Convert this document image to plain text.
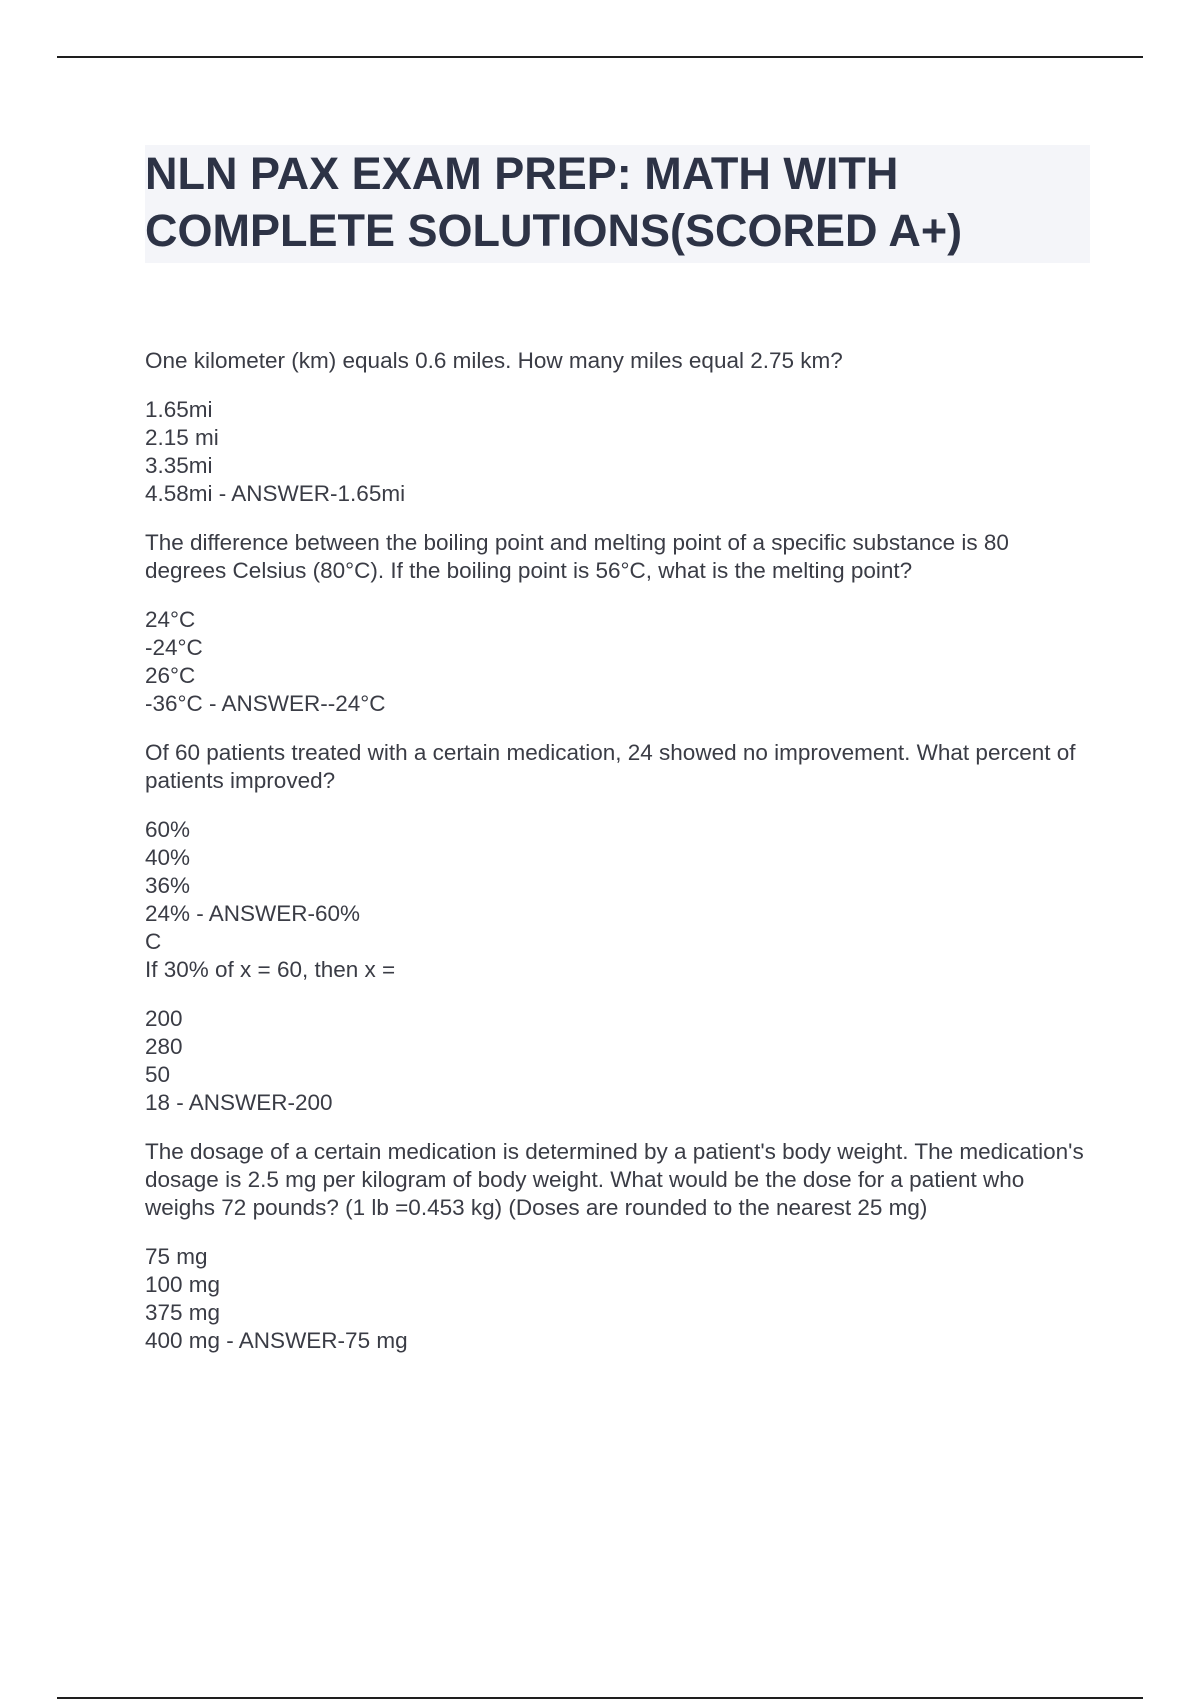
NLN PAX EXAM PREP: MATH WITH COMPLETE SOLUTIONS(SCORED A+)
One kilometer (km) equals 0.6 miles. How many miles equal 2.75 km?
1.65mi
2.15 mi
3.35mi
4.58mi - ANSWER-1.65mi
The difference between the boiling point and melting point of a specific substance is 80 degrees Celsius (80°C). If the boiling point is 56°C, what is the melting point?
24°C
-24°C
26°C
-36°C - ANSWER--24°C
Of 60 patients treated with a certain medication, 24 showed no improvement. What percent of patients improved?
60%
40%
36%
24% - ANSWER-60%
C
If 30% of x = 60, then x =
200
280
50
18 - ANSWER-200
The dosage of a certain medication is determined by a patient's body weight. The medication's dosage is 2.5 mg per kilogram of body weight. What would be the dose for a patient who weighs 72 pounds? (1 lb =0.453 kg) (Doses are rounded to the nearest 25 mg)
75 mg
100 mg
375 mg
400 mg - ANSWER-75 mg
